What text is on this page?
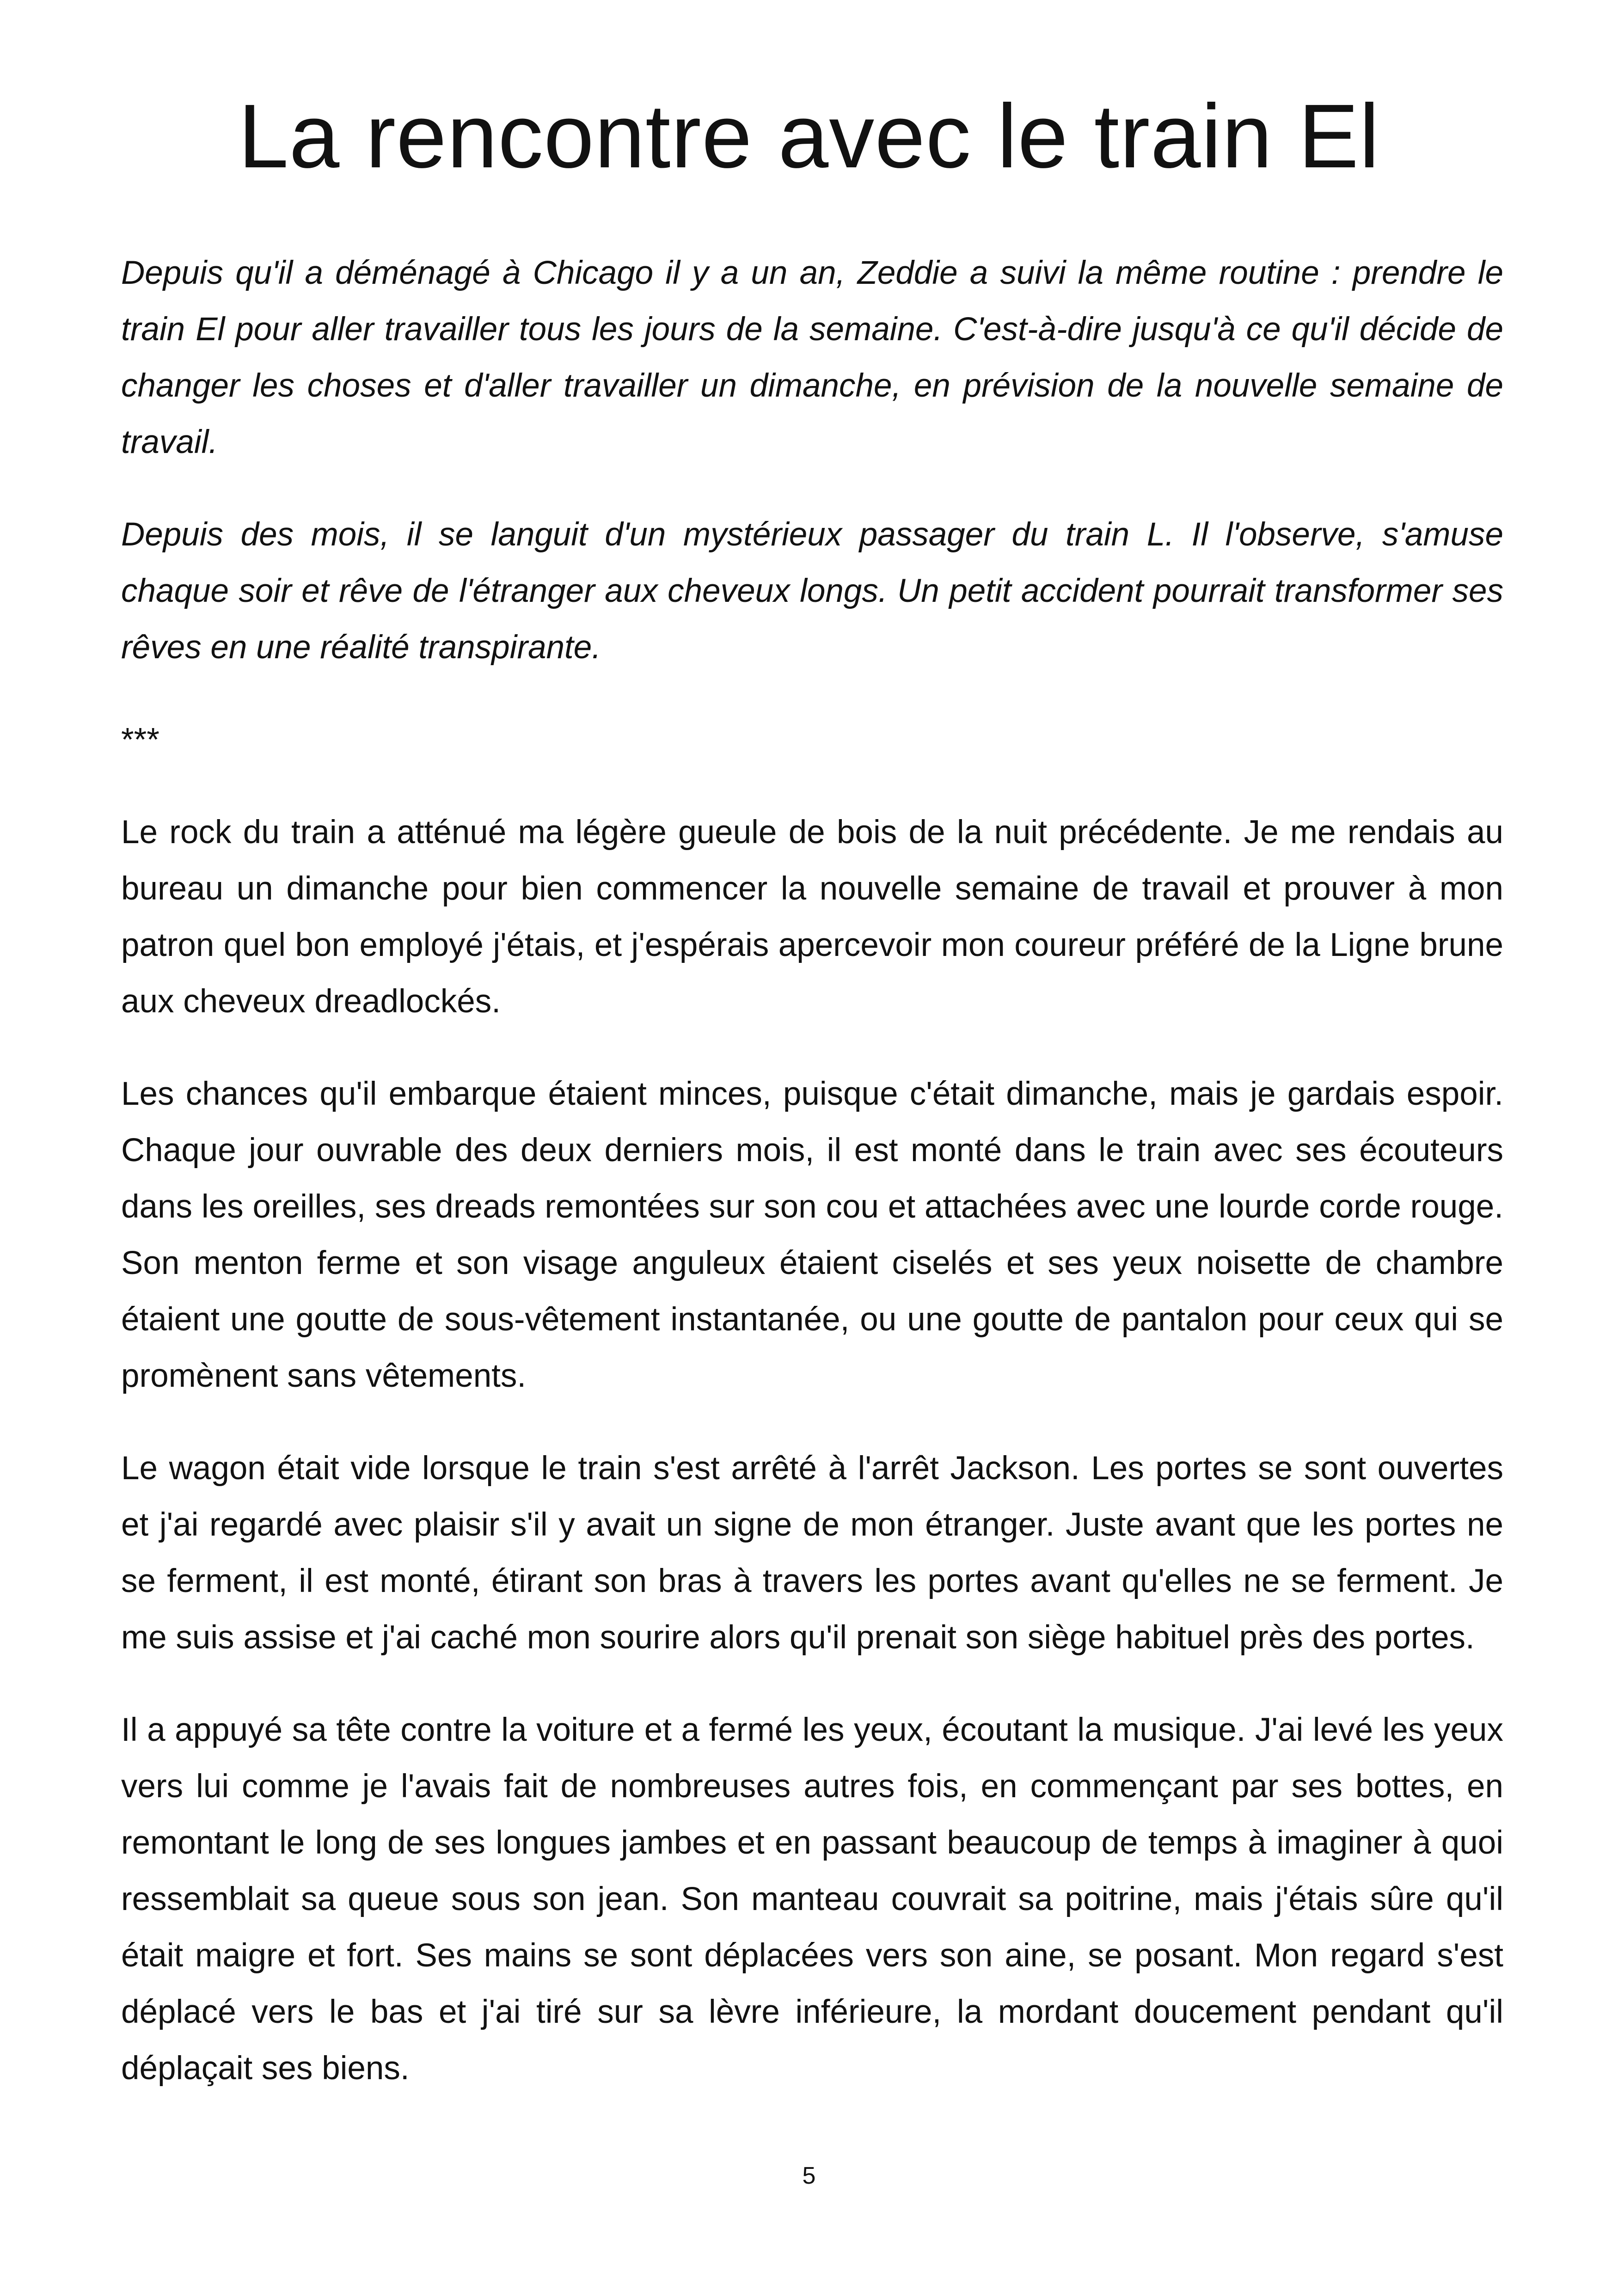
La rencontre avec le train El

Depuis qu'il a déménagé à Chicago il y a un an, Zeddie a suivi la même routine : prendre le train El pour aller travailler tous les jours de la semaine. C'est-à-dire jusqu'à ce qu'il décide de changer les choses et d'aller travailler un dimanche, en prévision de la nouvelle semaine de travail.

Depuis des mois, il se languit d'un mystérieux passager du train L. Il l'observe, s'amuse chaque soir et rêve de l'étranger aux cheveux longs. Un petit accident pourrait transformer ses rêves en une réalité transpirante.

***

Le rock du train a atténué ma légère gueule de bois de la nuit précédente. Je me rendais au bureau un dimanche pour bien commencer la nouvelle semaine de travail et prouver à mon patron quel bon employé j'étais, et j'espérais apercevoir mon coureur préféré de la Ligne brune aux cheveux dreadlockés.

Les chances qu'il embarque étaient minces, puisque c'était dimanche, mais je gardais espoir. Chaque jour ouvrable des deux derniers mois, il est monté dans le train avec ses écouteurs dans les oreilles, ses dreads remontées sur son cou et attachées avec une lourde corde rouge. Son menton ferme et son visage anguleux étaient ciselés et ses yeux noisette de chambre étaient une goutte de sous-vêtement instantanée, ou une goutte de pantalon pour ceux qui se promènent sans vêtements.

Le wagon était vide lorsque le train s'est arrêté à l'arrêt Jackson. Les portes se sont ouvertes et j'ai regardé avec plaisir s'il y avait un signe de mon étranger. Juste avant que les portes ne se ferment, il est monté, étirant son bras à travers les portes avant qu'elles ne se ferment. Je me suis assise et j'ai caché mon sourire alors qu'il prenait son siège habituel près des portes.

Il a appuyé sa tête contre la voiture et a fermé les yeux, écoutant la musique. J'ai levé les yeux vers lui comme je l'avais fait de nombreuses autres fois, en commençant par ses bottes, en remontant le long de ses longues jambes et en passant beaucoup de temps à imaginer à quoi ressemblait sa queue sous son jean. Son manteau couvrait sa poitrine, mais j'étais sûre qu'il était maigre et fort. Ses mains se sont déplacées vers son aine, se posant. Mon regard s'est déplacé vers le bas et j'ai tiré sur sa lèvre inférieure, la mordant doucement pendant qu'il déplaçait ses biens.

5
